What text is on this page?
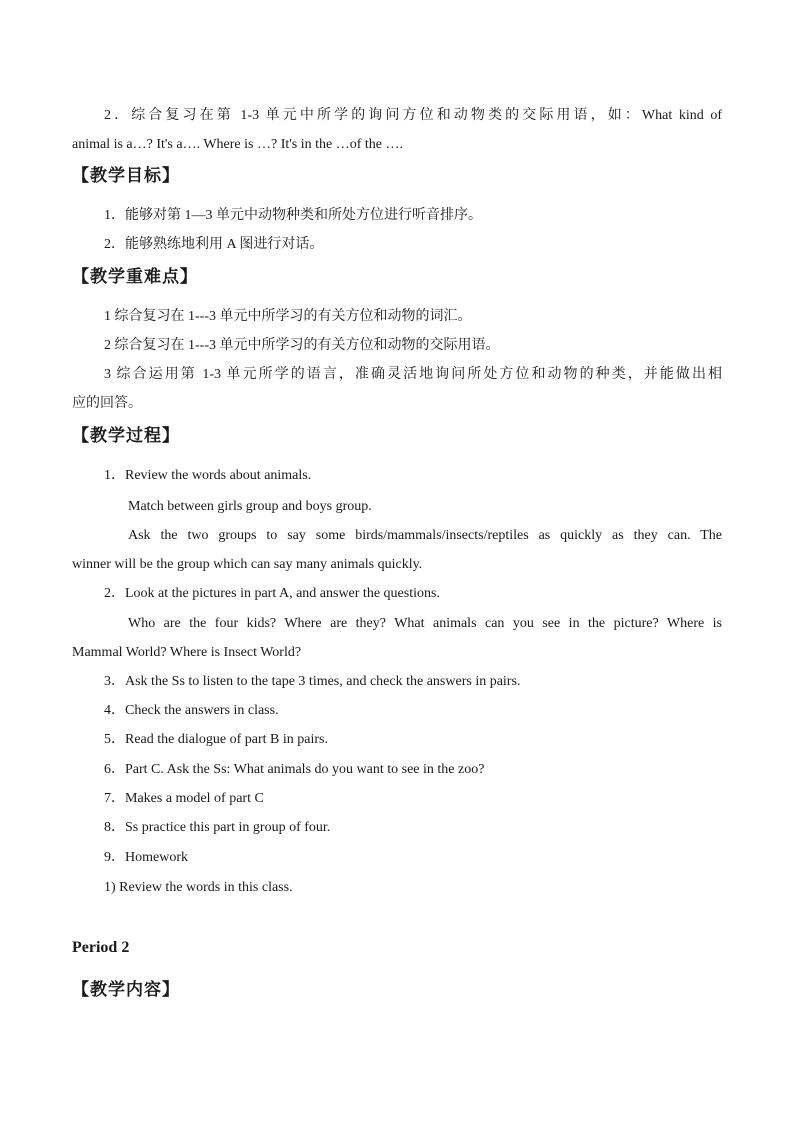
2．综合复习在第 1-3 单元中所学的询问方位和动物类的交际用语，如：What kind of
animal is a…? It's a…. Where is …? It's in the …of the ….
【教学目标】
1．能够对第 1—3 单元中动物种类和所处方位进行听音排序。
2．能够熟练地利用 A 图进行对话。
【教学重难点】
1 综合复习在 1---3 单元中所学习的有关方位和动物的词汇。
2 综合复习在 1---3 单元中所学习的有关方位和动物的交际用语。
3 综合运用第 1-3 单元所学的语言，准确灵活地询问所处方位和动物的种类，并能做出相
应的回答。
【教学过程】
1．Review the words about animals.
Match between girls group and boys group.
Ask the two groups to say some birds/mammals/insects/reptiles as quickly as they can. The
winner will be the group which can say many animals quickly.
2．Look at the pictures in part A, and answer the questions.
Who are the four kids? Where are they? What animals can you see in the picture? Where is
Mammal World? Where is Insect World?
3．Ask the Ss to listen to the tape 3 times, and check the answers in pairs.
4．Check the answers in class.
5．Read the dialogue of part B in pairs.
6．Part C. Ask the Ss: What animals do you want to see in the zoo?
7．Makes a model of part C
8．Ss practice this part in group of four.
9．Homework
1) Review the words in this class.
Period 2
【教学内容】
